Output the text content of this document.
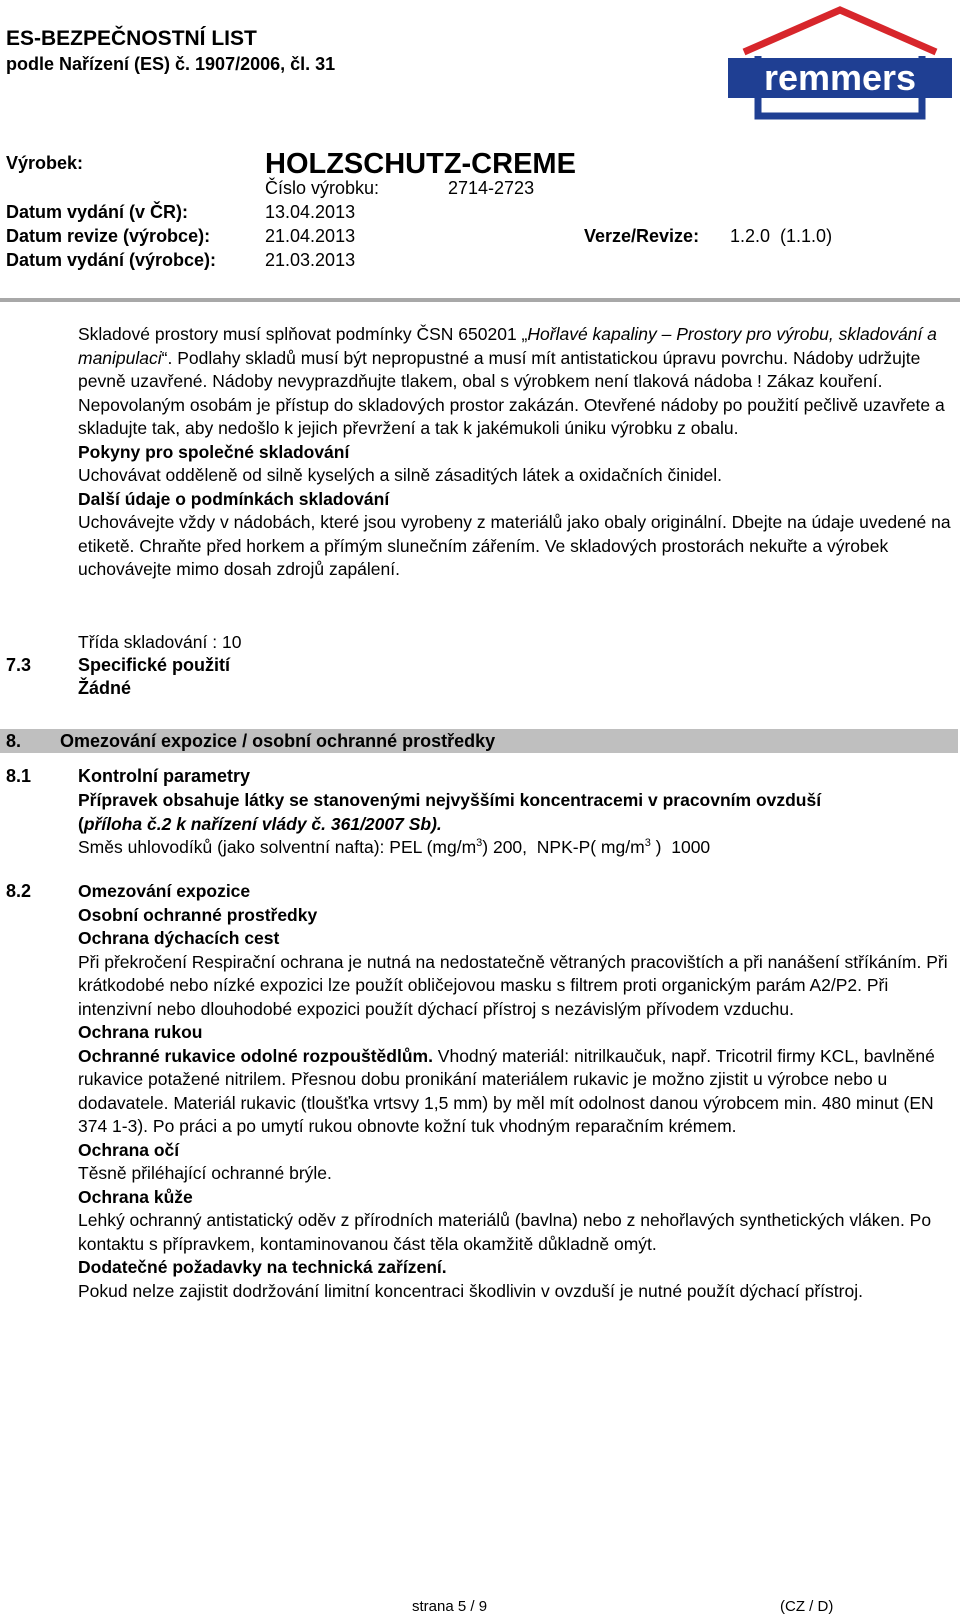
ES-BEZPEČNOSTNÍ LIST
podle Nařízení (ES) č. 1907/2006, čl. 31	remmers
Výrobek:	HOLZSCHUTZ-CREME
Číslo výrobku:	2714-2723
Datum vydání (v ČR):	13.04.2013
Datum revize (výrobce):	21.04.2013	Verze/Revize: 1.2.0  (1.1.0)
Datum vydání (výrobce):	21.03.2013

Skladové prostory musí splňovat podmínky ČSN 650201 „Hořlavé kapaliny – Prostory pro výrobu, skladování a manipulaci“. Podlahy skladů musí být nepropustné a musí mít antistatickou úpravu povrchu. Nádoby udržujte pevně uzavřené. Nádoby nevyprazdňujte tlakem, obal s výrobkem není tlaková nádoba ! Zákaz kouření. Nepovolaným osobám je přístup do skladových prostor zakázán. Otevřené nádoby po použití pečlivě uzavřete a skladujte tak, aby nedošlo k jejich převržení a tak k jakémukoli úniku výrobku z obalu.

Pokyny pro společné skladování

Uchovávat odděleně od silně kyselých a silně zásaditých látek a oxidačních činidel.

Další údaje o podmínkách skladování

Uchovávejte vždy v nádobách, které jsou vyrobeny z materiálů jako obaly originální. Dbejte na údaje uvedené na etiketě. Chraňte před horkem a přímým slunečním zářením. Ve skladových prostorách nekuřte a výrobek uchovávejte mimo dosah zdrojů zapálení.

Třída skladování : 10
7.3	Specifické použití
Žádné
8. Omezování expozice / osobní ochranné prostředky
8.1	Kontrolní parametry
Přípravek obsahuje látky se stanovenými nejvyššími koncentracemi v pracovním ovzduší (příloha č.2 k nařízení vlády č. 361/2007 Sb).
Směs uhlovodíků (jako solventní nafta): PEL $(mg/m^3)$ 200,  NPK-P( $mg/m^3$ )  1000
8.2	Omezování expozice

Osobní ochranné prostředky

Ochrana dýchacích cest

Při překročení Respirační ochrana je nutná na nedostatečně větraných pracovištích a při nanášení stříkáním. Při krátkodobé nebo nízké expozici lze použít obličejovou masku s filtrem proti organickým parám A2/P2. Při intenzivní nebo dlouhodobé expozici použít dýchací přístroj s nezávislým přívodem vzduchu.

Ochrana rukou

Ochranné rukavice odolné rozpouštědlům. Vhodný materiál: nitrilkaučuk, např. Tricotril firmy KCL, bavlněné rukavice potažené nitrilem. Přesnou dobu pronikání materiálem rukavic je možno zjistit u výrobce nebo u dodavatele. Materiál rukavic (tloušťka vrtsvy 1,5 mm) by měl mít odolnost danou výrobcem min. 480 minut (EN 374 1-3). Po práci a po umytí rukou obnovte kožní tuk vhodným reparačním krémem.

Ochrana očí

Těsně přiléhající ochranné brýle.

Ochrana kůže

Lehký ochranný antistatický oděv z přírodních materiálů (bavlna) nebo z nehořlavých synthetických vláken. Po kontaktu s přípravkem, kontaminovanou část těla okamžitě důkladně omýt.

Dodatečné požadavky na technická zařízení.

Pokud nelze zajistit dodržování limitní koncentraci škodlivin v ovzduší je nutné použít dýchací přístroj.

strana 5 / 9	(CZ / D)
